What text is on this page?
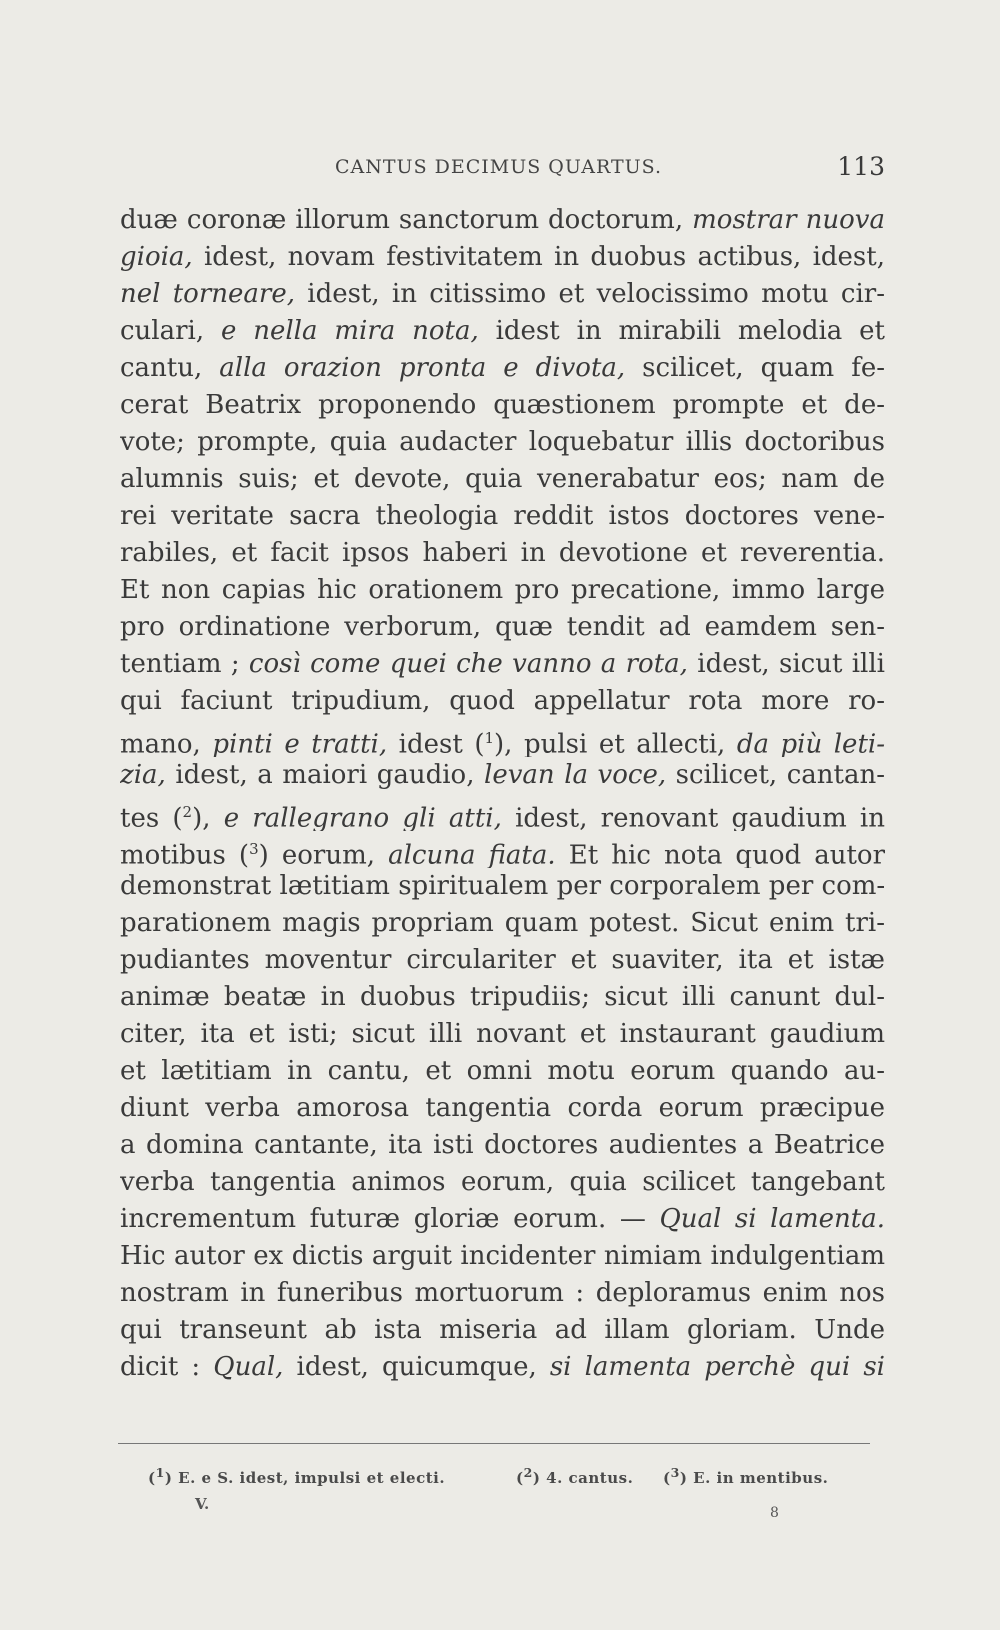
CANTUS DECIMUS QUARTUS.	113
duæ coronæ illorum sanctorum doctorum, mostrar nuova
gioia, idest, novam festivitatem in duobus actibus, idest,
nel torneare, idest, in citissimo et velocissimo motu cir-
culari, e nella mira nota, idest in mirabili melodia et
cantu, alla orazion pronta e divota, scilicet, quam fe-
cerat Beatrix proponendo quæstionem prompte et de-
vote; prompte, quia audacter loquebatur illis doctoribus
alumnis suis; et devote, quia venerabatur eos; nam de
rei veritate sacra theologia reddit istos doctores vene-
rabiles, et facit ipsos haberi in devotione et reverentia.
Et non capias hic orationem pro precatione, immo large
pro ordinatione verborum, quæ tendit ad eamdem sen-
tentiam ; così come quei che vanno a rota, idest, sicut illi
qui faciunt tripudium, quod appellatur rota more ro-
mano, pinti e tratti, idest ($^1$), pulsi et allecti, da più leti-
zia, idest, a maiori gaudio, levan la voce, scilicet, cantan-
tes ($^2$), e rallegrano gli atti, idest, renovant gaudium in
motibus ($^3$) eorum, alcuna fiata. Et hic nota quod autor
demonstrat lætitiam spiritualem per corporalem per com-
parationem magis propriam quam potest. Sicut enim tri-
pudiantes moventur circulariter et suaviter, ita et istæ
animæ beatæ in duobus tripudiis; sicut illi canunt dul-
citer, ita et isti; sicut illi novant et instaurant gaudium
et lætitiam in cantu, et omni motu eorum quando au-
diunt verba amorosa tangentia corda eorum præcipue
a domina cantante, ita isti doctores audientes a Beatrice
verba tangentia animos eorum, quia scilicet tangebant
incrementum futuræ gloriæ eorum. — Qual si lamenta.
Hic autor ex dictis arguit incidenter nimiam indulgentiam
nostram in funeribus mortuorum : deploramus enim nos
qui transeunt ab ista miseria ad illam gloriam. Unde
dicit : Qual, idest, quicumque, si lamenta perchè qui si
($^1$) E. e S. idest, impulsi et electi.	($^2$) 4. cantus. ($^3$) E. in mentibus.
V.	8
